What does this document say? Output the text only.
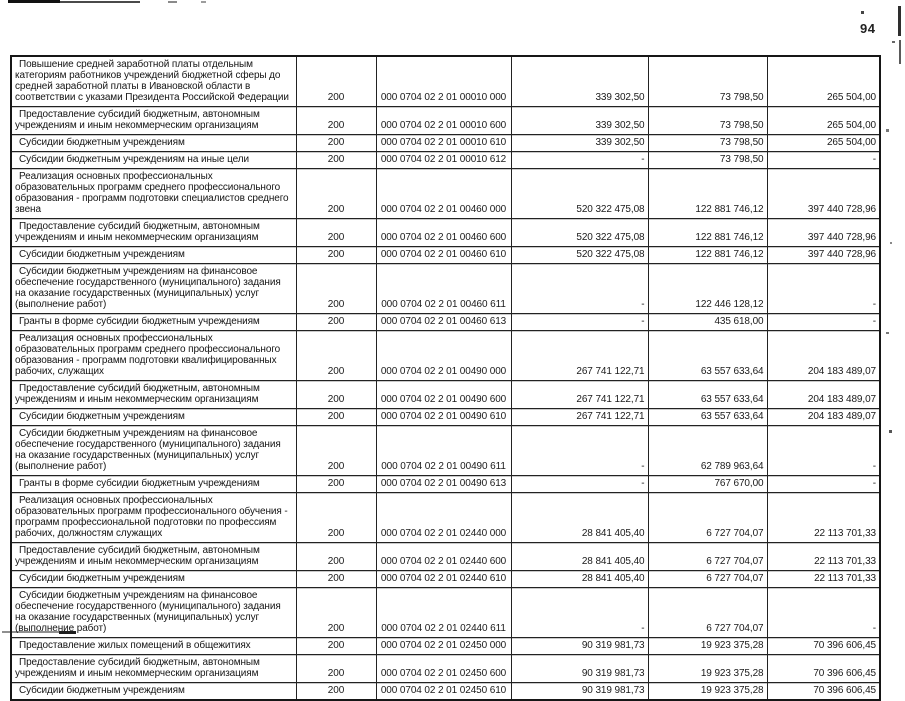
94
Повышение средней заработной платы отдельным категориям работников учреждений бюджетной сферы до средней заработной платы в Ивановской области в соответствии с указами Президента Российской Федерации	200	000 0704 02 2 01 00010 000	339 302,50	73 798,50	265 504,00
Предоставление субсидий бюджетным, автономным учреждениям и иным некоммерческим организациям	200	000 0704 02 2 01 00010 600	339 302,50	73 798,50	265 504,00
Субсидии бюджетным учреждениям	200	000 0704 02 2 01 00010 610	339 302,50	73 798,50	265 504,00
Субсидии бюджетным учреждениям на иные цели	200	000 0704 02 2 01 00010 612	-	73 798,50	-
Реализация основных профессиональных образовательных программ среднего профессионального образования - программ подготовки специалистов среднего звена	200	000 0704 02 2 01 00460 000	520 322 475,08	122 881 746,12	397 440 728,96
Предоставление субсидий бюджетным, автономным учреждениям и иным некоммерческим организациям	200	000 0704 02 2 01 00460 600	520 322 475,08	122 881 746,12	397 440 728,96
Субсидии бюджетным учреждениям	200	000 0704 02 2 01 00460 610	520 322 475,08	122 881 746,12	397 440 728,96
Субсидии бюджетным учреждениям на финансовое обеспечение государственного (муниципального) задания на оказание государственных (муниципальных) услуг (выполнение работ)	200	000 0704 02 2 01 00460 611	-	122 446 128,12	-
Гранты в форме субсидии бюджетным учреждениям	200	000 0704 02 2 01 00460 613	-	435 618,00	-
Реализация основных профессиональных образовательных программ среднего профессионального образования - программ подготовки квалифицированных рабочих, служащих	200	000 0704 02 2 01 00490 000	267 741 122,71	63 557 633,64	204 183 489,07
Предоставление субсидий бюджетным, автономным учреждениям и иным некоммерческим организациям	200	000 0704 02 2 01 00490 600	267 741 122,71	63 557 633,64	204 183 489,07
Субсидии бюджетным учреждениям	200	000 0704 02 2 01 00490 610	267 741 122,71	63 557 633,64	204 183 489,07
Субсидии бюджетным учреждениям на финансовое обеспечение государственного (муниципального) задания на оказание государственных (муниципальных) услуг (выполнение работ)	200	000 0704 02 2 01 00490 611	-	62 789 963,64	-
Гранты в форме субсидии бюджетным учреждениям	200	000 0704 02 2 01 00490 613	-	767 670,00	-
Реализация основных профессиональных образовательных программ профессионального обучения - программ профессиональной подготовки по профессиям рабочих, должностям служащих	200	000 0704 02 2 01 02440 000	28 841 405,40	6 727 704,07	22 113 701,33
Предоставление субсидий бюджетным, автономным учреждениям и иным некоммерческим организациям	200	000 0704 02 2 01 02440 600	28 841 405,40	6 727 704,07	22 113 701,33
Субсидии бюджетным учреждениям	200	000 0704 02 2 01 02440 610	28 841 405,40	6 727 704,07	22 113 701,33
Субсидии бюджетным учреждениям на финансовое обеспечение государственного (муниципального) задания на оказание государственных (муниципальных) услуг (выполнение работ)	200	000 0704 02 2 01 02440 611	-	6 727 704,07	-
Предоставление жилых помещений в общежитиях	200	000 0704 02 2 01 02450 000	90 319 981,73	19 923 375,28	70 396 606,45
Предоставление субсидий бюджетным, автономным учреждениям и иным некоммерческим организациям	200	000 0704 02 2 01 02450 600	90 319 981,73	19 923 375,28	70 396 606,45
Субсидии бюджетным учреждениям	200	000 0704 02 2 01 02450 610	90 319 981,73	19 923 375,28	70 396 606,45
